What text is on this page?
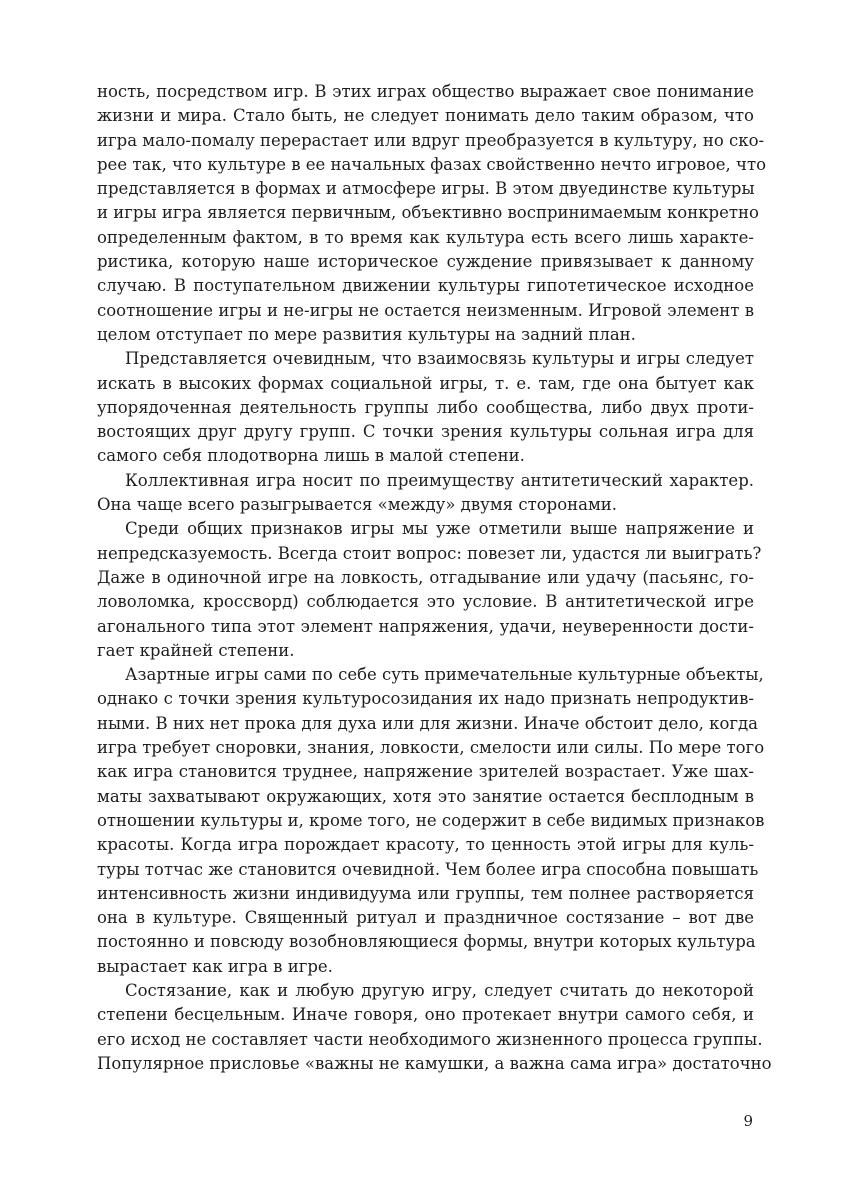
ность, посредством игр. В этих играх общество выражает свое понимание
жизни и мира. Стало быть, не следует понимать дело таким образом, что
игра мало-помалу перерастает или вдруг преобразуется в культуру, но ско-
рее так, что культуре в ее начальных фазах свойственно нечто игровое, что
представляется в формах и атмосфере игры. В этом двуединстве культуры
и игры игра является первичным, объективно воспринимаемым конкретно
определенным фактом, в то время как культура есть всего лишь характе-
ристика, которую наше историческое суждение привязывает к данному
случаю. В поступательном движении культуры гипотетическое исходное
соотношение игры и не-игры не остается неизменным. Игровой элемент в
целом отступает по мере развития культуры на задний план.
Представляется очевидным, что взаимосвязь культуры и игры следует
искать в высоких формах социальной игры, т. е. там, где она бытует как
упорядоченная деятельность группы либо сообщества, либо двух проти-
востоящих друг другу групп. С точки зрения культуры сольная игра для
самого себя плодотворна лишь в малой степени.
Коллективная игра носит по преимуществу антитетический характер.
Она чаще всего разыгрывается «между» двумя сторонами.
Среди общих признаков игры мы уже отметили выше напряжение и
непредсказуемость. Всегда стоит вопрос: повезет ли, удастся ли выиграть?
Даже в одиночной игре на ловкость, отгадывание или удачу (пасьянс, го-
ловоломка, кроссворд) соблюдается это условие. В антитетической игре
агонального типа этот элемент напряжения, удачи, неуверенности дости-
гает крайней степени.
Азартные игры сами по себе суть примечательные культурные объекты,
однако с точки зрения культуросозидания их надо признать непродуктив-
ными. В них нет прока для духа или для жизни. Иначе обстоит дело, когда
игра требует сноровки, знания, ловкости, смелости или силы. По мере того
как игра становится труднее, напряжение зрителей возрастает. Уже шах-
маты захватывают окружающих, хотя это занятие остается бесплодным в
отношении культуры и, кроме того, не содержит в себе видимых признаков
красоты. Когда игра порождает красоту, то ценность этой игры для куль-
туры тотчас же становится очевидной. Чем более игра способна повышать
интенсивность жизни индивидуума или группы, тем полнее растворяется
она в культуре. Священный ритуал и праздничное состязание – вот две
постоянно и повсюду возобновляющиеся формы, внутри которых культура
вырастает как игра в игре.
Состязание, как и любую другую игру, следует считать до некоторой
степени бесцельным. Иначе говоря, оно протекает внутри самого себя, и
его исход не составляет части необходимого жизненного процесса группы.
Популярное присловье «важны не камушки, а важна сама игра» достаточно
9
